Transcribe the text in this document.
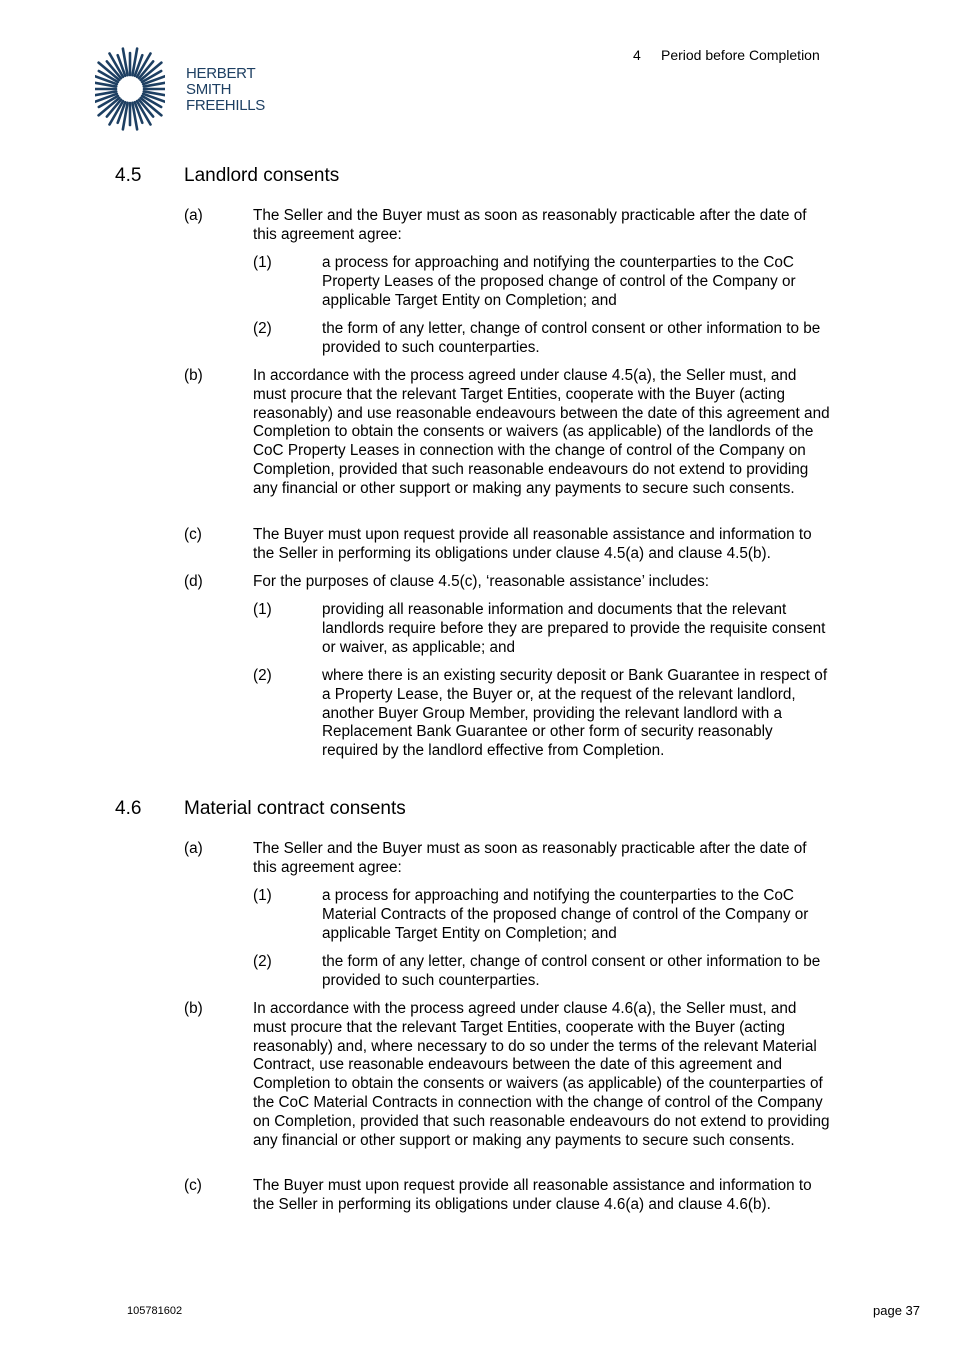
HERBERT
SMITH
FREEHILLS
4 Period before Completion
4.5 Landlord consents
(a)	The Seller and the Buyer must as soon as reasonably practicable after the date of this agreement agree:
(1)	a process for approaching and notifying the counterparties to the CoC Property Leases of the proposed change of control of the Company or applicable Target Entity on Completion; and
(2)	the form of any letter, change of control consent or other information to be provided to such counterparties.
(b)	In accordance with the process agreed under clause 4.5(a), the Seller must, and must procure that the relevant Target Entities, cooperate with the Buyer (acting reasonably) and use reasonable endeavours between the date of this agreement and Completion to obtain the consents or waivers (as applicable) of the landlords of the CoC Property Leases in connection with the change of control of the Company on Completion, provided that such reasonable endeavours do not extend to providing any financial or other support or making any payments to secure such consents.
(c)	The Buyer must upon request provide all reasonable assistance and information to the Seller in performing its obligations under clause 4.5(a) and clause 4.5(b).
(d)	For the purposes of clause 4.5(c), ‘reasonable assistance’ includes:
(1)	providing all reasonable information and documents that the relevant landlords require before they are prepared to provide the requisite consent or waiver, as applicable; and
(2)	where there is an existing security deposit or Bank Guarantee in respect of a Property Lease, the Buyer or, at the request of the relevant landlord, another Buyer Group Member, providing the relevant landlord with a Replacement Bank Guarantee or other form of security reasonably required by the landlord effective from Completion.
4.6 Material contract consents
(a)	The Seller and the Buyer must as soon as reasonably practicable after the date of this agreement agree:
(1)	a process for approaching and notifying the counterparties to the CoC Material Contracts of the proposed change of control of the Company or applicable Target Entity on Completion; and
(2)	the form of any letter, change of control consent or other information to be provided to such counterparties.
(b)	In accordance with the process agreed under clause 4.6(a), the Seller must, and must procure that the relevant Target Entities, cooperate with the Buyer (acting reasonably) and, where necessary to do so under the terms of the relevant Material Contract, use reasonable endeavours between the date of this agreement and Completion to obtain the consents or waivers (as applicable) of the counterparties of the CoC Material Contracts in connection with the change of control of the Company on Completion, provided that such reasonable endeavours do not extend to providing any financial or other support or making any payments to secure such consents.
(c)	The Buyer must upon request provide all reasonable assistance and information to the Seller in performing its obligations under clause 4.6(a) and clause 4.6(b).
105781602	page 37
